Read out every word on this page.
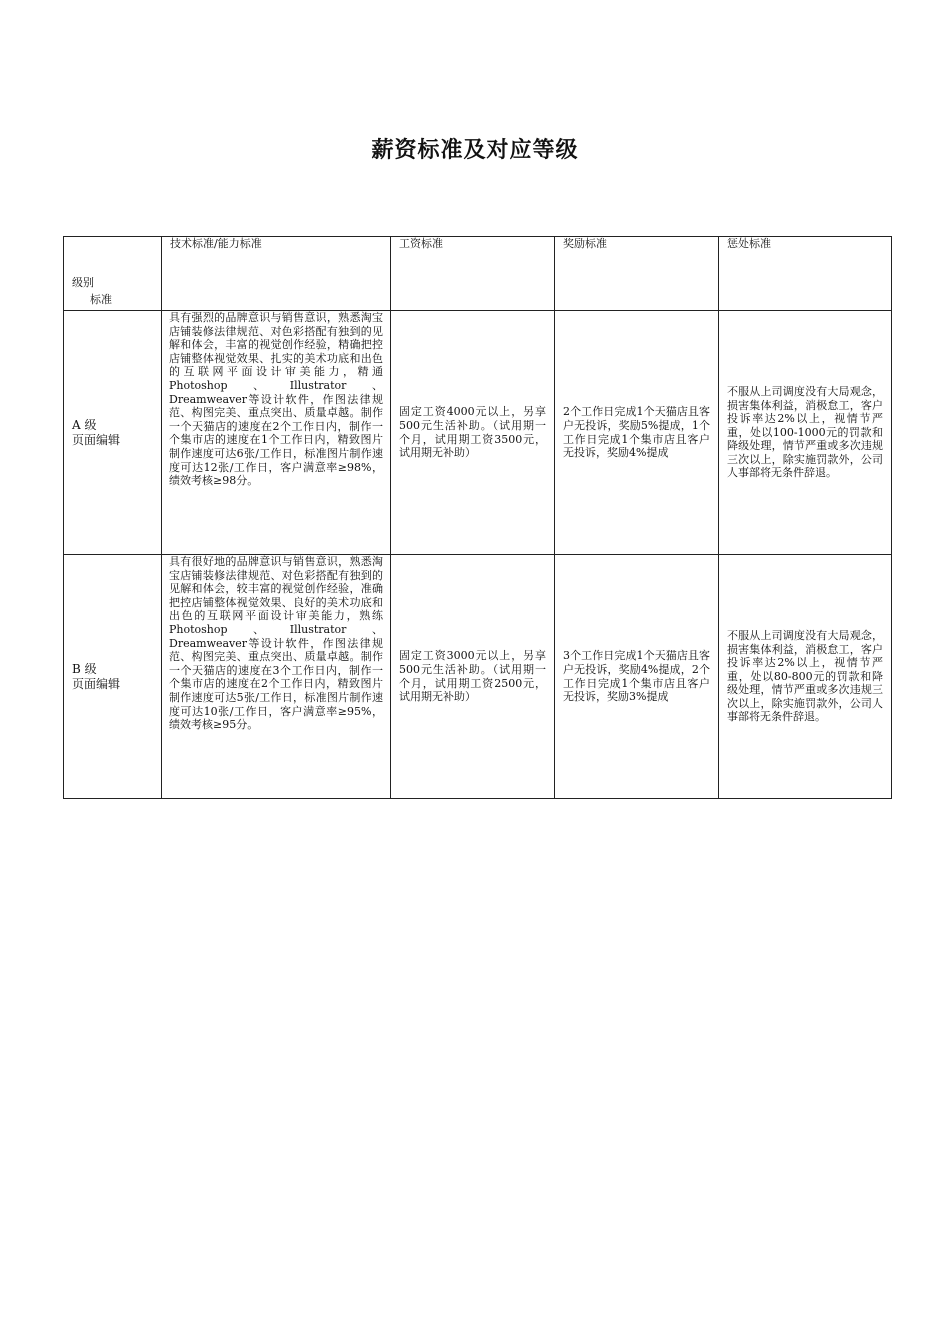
薪资标准及对应等级
级别
标准	技术标准/能力标准	工资标准	奖励标准	惩处标准

A 级
页面编辑	具有强烈的品牌意识与销售意识，熟悉淘宝店铺装修法律规范、对色彩搭配有独到的见解和体会，丰富的视觉创作经验，精确把控店铺整体视觉效果、扎实的美术功底和出色的互联网平面设计审美能力，精通Photoshop、Illustrator、Dreamweaver等设计软件，作图法律规范、构图完美、重点突出、质量卓越。制作一个天猫店的速度在2个工作日内，制作一个集市店的速度在1个工作日内，精致图片制作速度可达6张/工作日，标准图片制作速度可达12张/工作日，客户满意率≥98%，绩效考核≥98分。	固定工资4000元以上，另享500元生活补助。（试用期一个月，试用期工资3500元，试用期无补助）	2个工作日完成1个天猫店且客户无投诉，奖励5%提成，1个工作日完成1个集市店且客户无投诉，奖励4%提成	不服从上司调度没有大局观念，损害集体利益，消极怠工，客户投诉率达2%以上，视情节严重，处以100-1000元的罚款和降级处理，情节严重或多次违规三次以上，除实施罚款外，公司人事部将无条件辞退。

B 级
页面编辑	具有很好地的品牌意识与销售意识，熟悉淘宝店铺装修法律规范、对色彩搭配有独到的见解和体会，较丰富的视觉创作经验，准确把控店铺整体视觉效果、良好的美术功底和出色的互联网平面设计审美能力，熟练Photoshop、Illustrator、Dreamweaver等设计软件，作图法律规范、构图完美、重点突出、质量卓越。制作一个天猫店的速度在3个工作日内，制作一个集市店的速度在2个工作日内，精致图片制作速度可达5张/工作日，标准图片制作速度可达10张/工作日，客户满意率≥95%，绩效考核≥95分。	固定工资3000元以上，另享500元生活补助。（试用期一个月，试用期工资2500元，试用期无补助）	3个工作日完成1个天猫店且客户无投诉，奖励4%提成，2个工作日完成1个集市店且客户无投诉，奖励3%提成	不服从上司调度没有大局观念，损害集体利益，消极怠工，客户投诉率达2%以上，视情节严重，处以80-800元的罚款和降级处理，情节严重或多次违规三次以上，除实施罚款外，公司人事部将无条件辞退。
